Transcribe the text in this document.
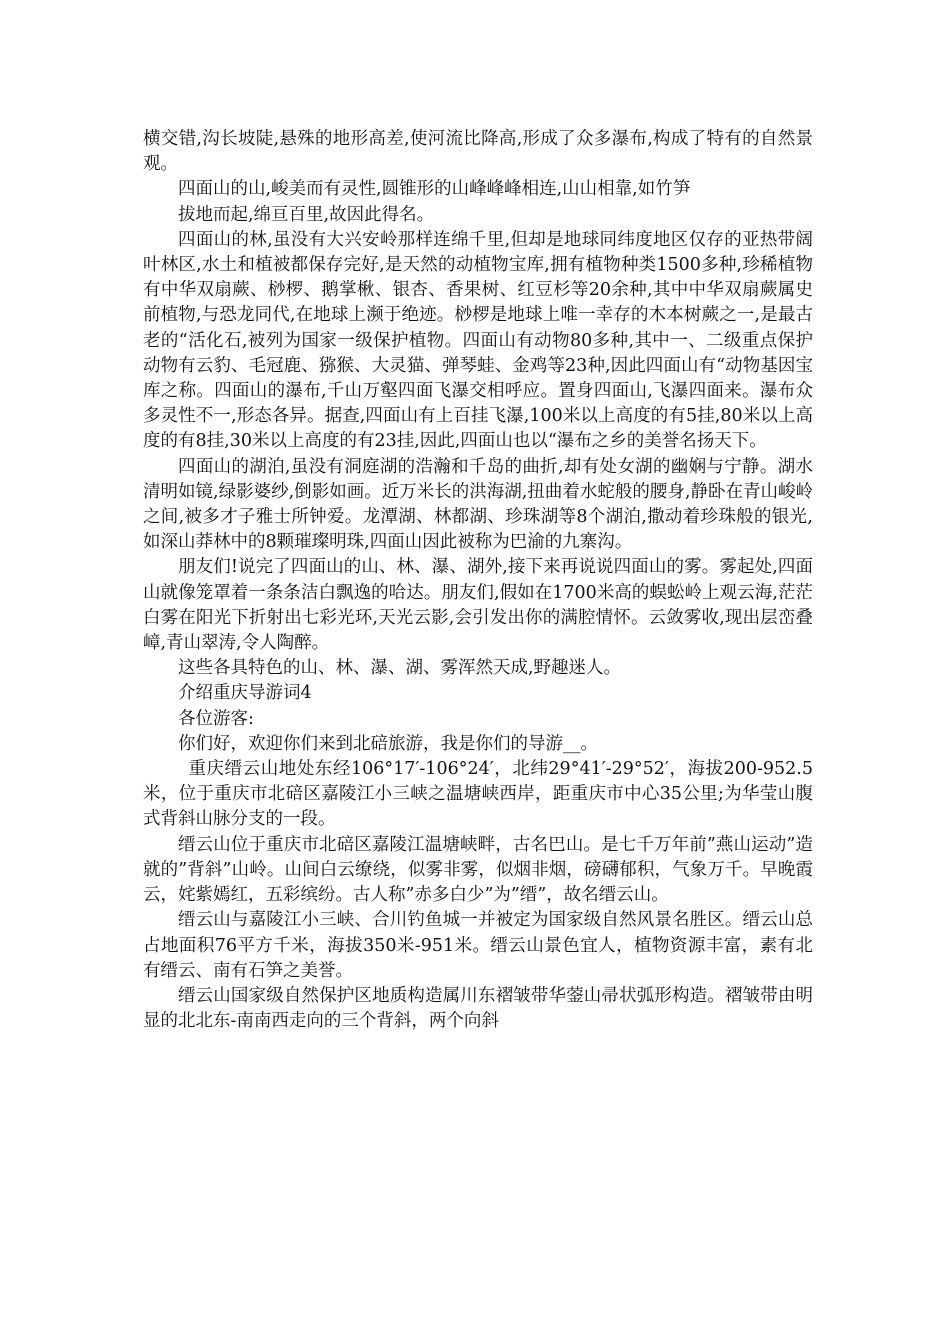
横交错,沟长坡陡,悬殊的地形高差,使河流比降高,形成了众多瀑布,构成了特有的自然景观。

四面山的山,峻美而有灵性,圆锥形的山峰峰峰相连,山山相靠,如竹笋

拔地而起,绵亘百里,故因此得名。

四面山的林,虽没有大兴安岭那样连绵千里,但却是地球同纬度地区仅存的亚热带阔叶林区,水土和植被都保存完好,是天然的动植物宝库,拥有植物种类1500多种,珍稀植物有中华双扇蕨、桫椤、鹅掌楸、银杏、香果树、红豆杉等20余种,其中中华双扇蕨属史前植物,与恐龙同代,在地球上濒于绝迹。桫椤是地球上唯一幸存的木本树蕨之一,是最古老的“活化石,被列为国家一级保护植物。四面山有动物80多种,其中一、二级重点保护动物有云豹、毛冠鹿、猕猴、大灵猫、弹琴蛙、金鸡等23种,因此四面山有“动物基因宝库之称。四面山的瀑布,千山万壑四面飞瀑交相呼应。置身四面山,飞瀑四面来。瀑布众多灵性不一,形态各异。据查,四面山有上百挂飞瀑,100米以上高度的有5挂,80米以上高度的有8挂,30米以上高度的有23挂,因此,四面山也以“瀑布之乡的美誉名扬天下。

四面山的湖泊,虽没有洞庭湖的浩瀚和千岛的曲折,却有处女湖的幽娴与宁静。湖水清明如镜,绿影婆纱,倒影如画。近万米长的洪海湖,扭曲着水蛇般的腰身,静卧在青山峻岭之间,被多才子雅士所钟爱。龙潭湖、林都湖、珍珠湖等8个湖泊,撒动着珍珠般的银光,如深山莽林中的8颗璀璨明珠,四面山因此被称为巴渝的九寨沟。

朋友们!说完了四面山的山、林、瀑、湖外,接下来再说说四面山的雾。雾起处,四面山就像笼罩着一条条洁白飘逸的哈达。朋友们,假如在1700米高的蜈蚣岭上观云海,茫茫白雾在阳光下折射出七彩光环,天光云影,会引发出你的满腔情怀。云敛雾收,现出层峦叠嶂,青山翠涛,令人陶醉。

这些各具特色的山、林、瀑、湖、雾浑然天成,野趣迷人。

介绍重庆导游词4

各位游客:

你们好，欢迎你们来到北碚旅游，我是你们的导游__。

重庆缙云山地处东经106°17′-106°24′，北纬29°41′-29°52′，海拔200-952.5米，位于重庆市北碚区嘉陵江小三峡之温塘峡西岸，距重庆市中心35公里;为华莹山腹式背斜山脉分支的一段。

缙云山位于重庆市北碚区嘉陵江温塘峡畔，古名巴山。是七千万年前”燕山运动”造就的”背斜”山岭。山间白云缭绕，似雾非雾，似烟非烟，磅礴郁积，气象万千。早晚霞云，姹紫嫣红，五彩缤纷。古人称”赤多白少”为”缙”，故名缙云山。

缙云山与嘉陵江小三峡、合川钓鱼城一并被定为国家级自然风景名胜区。缙云山总占地面积76平方千米，海拔350米-951米。缙云山景色宜人，植物资源丰富，素有北有缙云、南有石笋之美誉。

缙云山国家级自然保护区地质构造属川东褶皱带华蓥山帚状弧形构造。褶皱带由明显的北北东-南南西走向的三个背斜，两个向斜
